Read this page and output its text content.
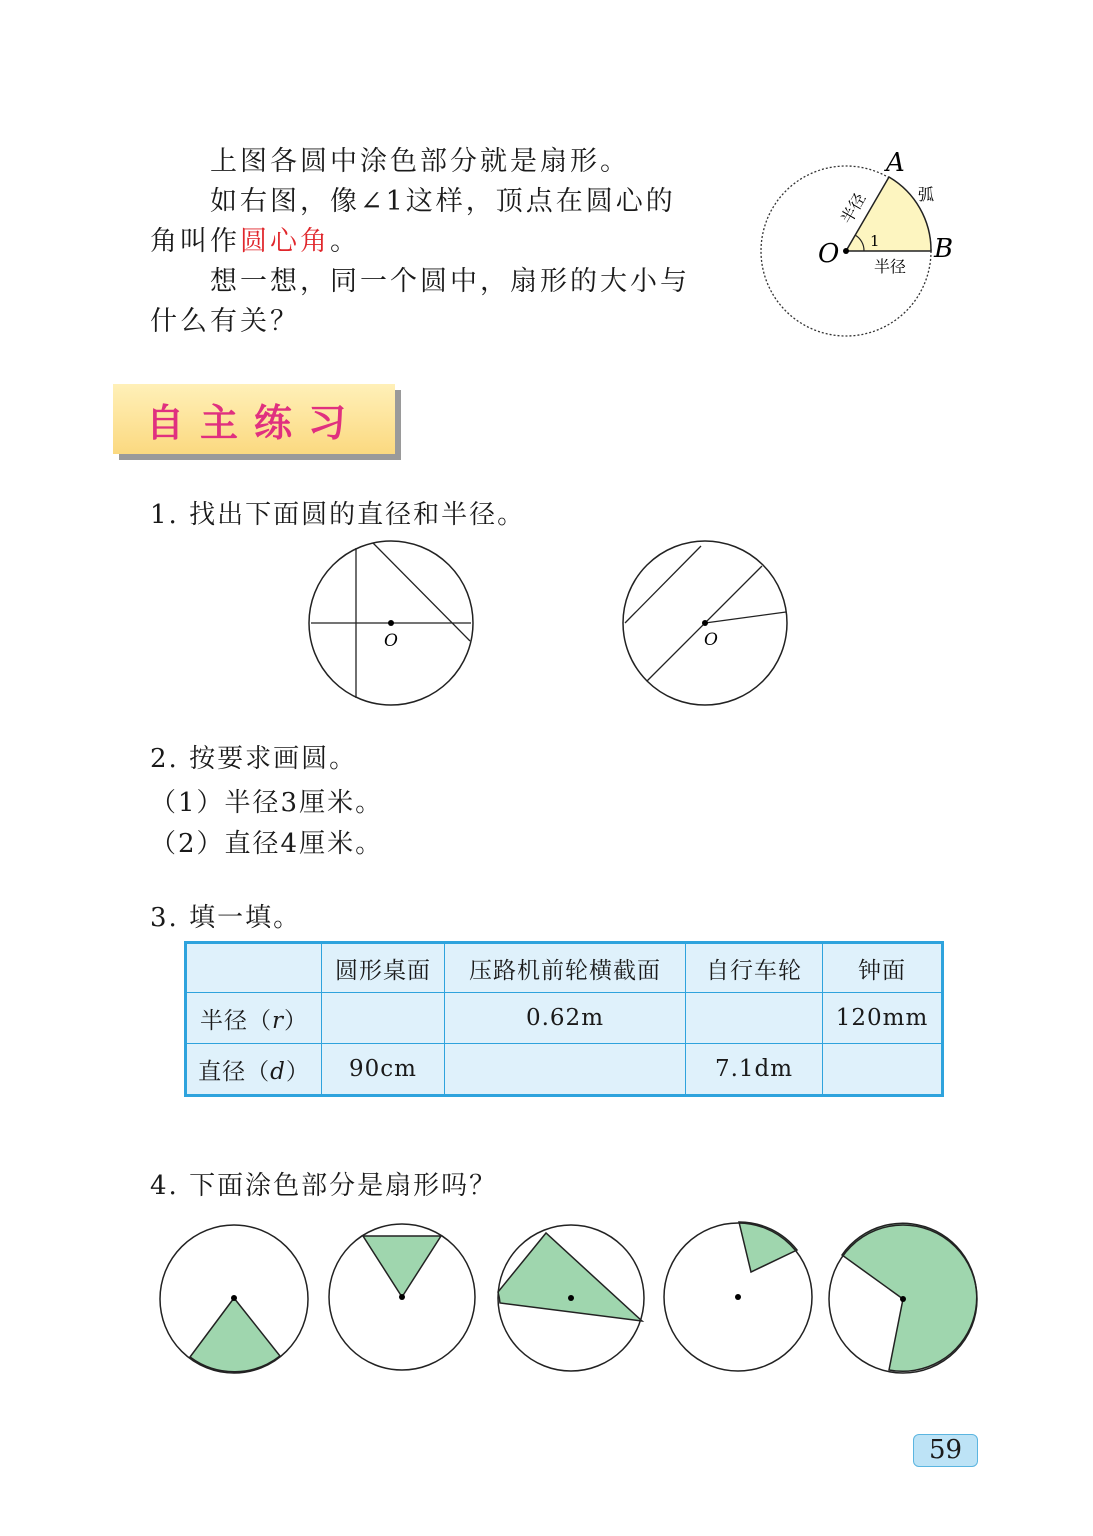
上图各圆中涂色部分就是扇形。
如右图，像∠1这样，顶点在圆心的
角叫作圆心角。
想一想，同一个圆中，扇形的大小与
什么有关？
1
A
B
O
弧
半径
半径
自主练习
1. 找出下面圆的直径和半径。
O	O
2. 按要求画圆。
（1）半径3厘米。
（2）直径4厘米。
3. 填一填。
	圆形桌面	压路机前轮横截面	自行车轮	钟面
半径（r）		0.62m		120mm
直径（d）	90cm		7.1dm	
4. 下面涂色部分是扇形吗？
59
